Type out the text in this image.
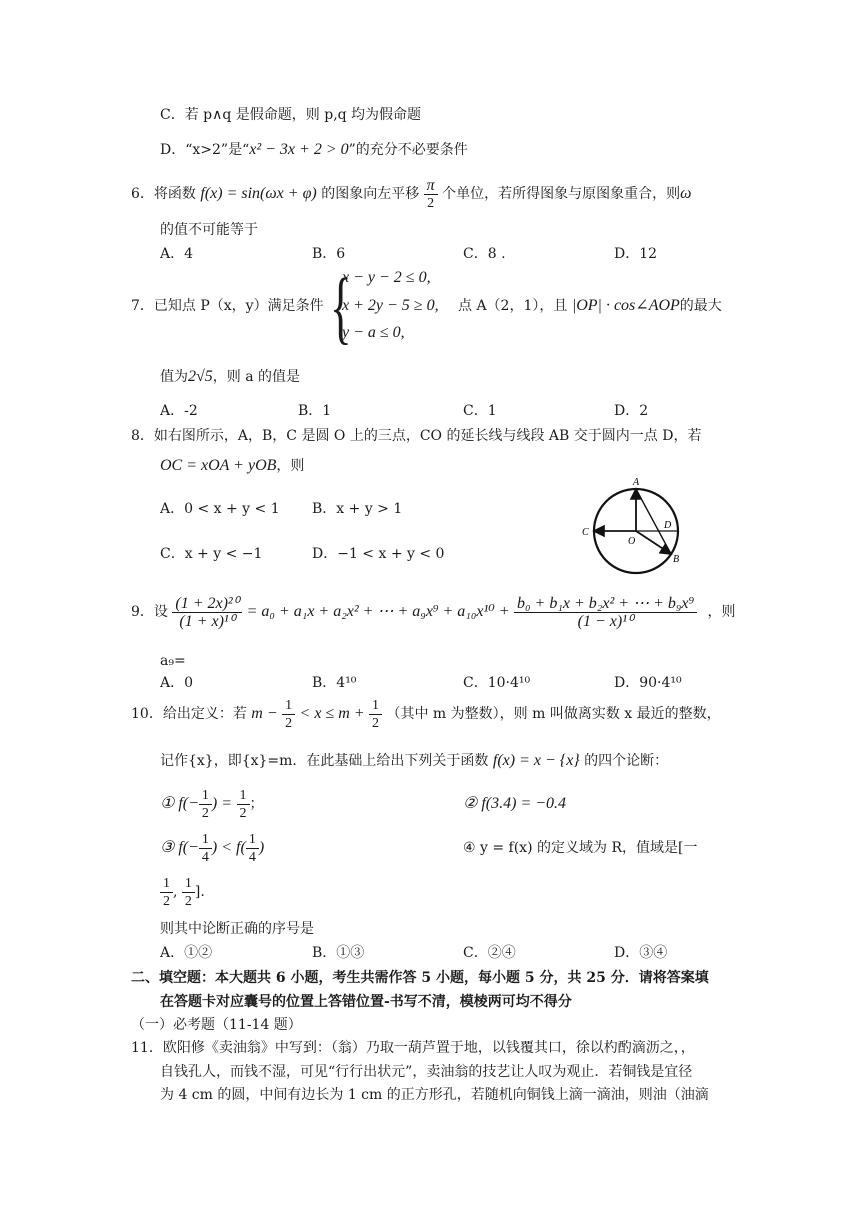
C．若 p∧q 是假命题，则 p,q 均为假命题
D．“x>2”是“x² − 3x + 2 > 0”的充分不必要条件
6．将函数 f(x) = sin(ωx + φ) 的图象向左平移 $\frac{\pi}{2}$ 个单位，若所得图象与原图象重合，则ω
的值不可能等于
A．4	B．6	C．8 .	D．12
7．已知点 P（x，y）满足条件 {
x − y − 2 ≤ 0,
x + 2y − 5 ≥ 0,
y − a ≤ 0,
点 A（2，1），且 |OP| · cos∠AOP的最大
值为2√5，则 a 的值是
A．-2	B．1	C．1	D．2
8．如右图所示，A，B，C 是圆 O 上的三点，CO 的延长线与线段 AB 交于圆内一点 D，若
OC = xOA + yOB，则
A．0 < x + y < 1 B．x + y > 1
C．x + y < −1	D．−1 < x + y < 0
A
B
C
D
O
9．设 $\frac{\text{(1 + 2x)²⁰}}{\text{(1 + x)¹⁰}} = a_0 + a_1x + a_2x^2$ + ⋯ + $a_9x^9 + a_{10}x^{10} + \frac{\text{b₀ + b₁x + b₂x² + ⋯ + b₉x⁹}}{\text{(1 − x)¹⁰}}$ ，则
a₉=
A．0	B．4¹⁰	C．10·4¹⁰	D．90·4¹⁰
10．给出定义：若 $m - \frac{1}{2} < x \le m + \frac{1}{2}$ （其中 m 为整数），则 m 叫做离实数 x 最近的整数，
记作{x}，即{x}=m．在此基础上给出下列关于函数 f(x) = x − {x} 的四个论断：
① $f(- \frac{1}{2}$ ) = $\frac{1}{2}$ ；	② f(3.4) = −0.4
③ $f(- \frac{1}{4}$ ) < $f( \frac{1}{4}$ )	④ y = f(x) 的定义域为 R，值域是[一
$\frac{1}{2}$ , $\frac{1}{2}$ ].
则其中论断正确的序号是
A．①②	B．①③	C．②④	D．③④
二、填空题：本大题共 6 小题，考生共需作答 5 小题，每小题 5 分，共 25 分．请将答案填
在答题卡对应囊号的位置上答错位置-书写不清，模棱两可均不得分
（一）必考题（11-14 题）
11．欧阳修《卖油翁》中写到：（翁）乃取一葫芦置于地，以钱覆其口，徐以杓酌滴沥之，，
自钱孔人，而钱不湿，可见“行行出状元”，卖油翁的技艺让人叹为观止．若铜钱是宜径
为 4 cm 的圆，中间有边长为 1 cm 的正方形孔，若随机向铜钱上滴一滴油，则油（油滴
